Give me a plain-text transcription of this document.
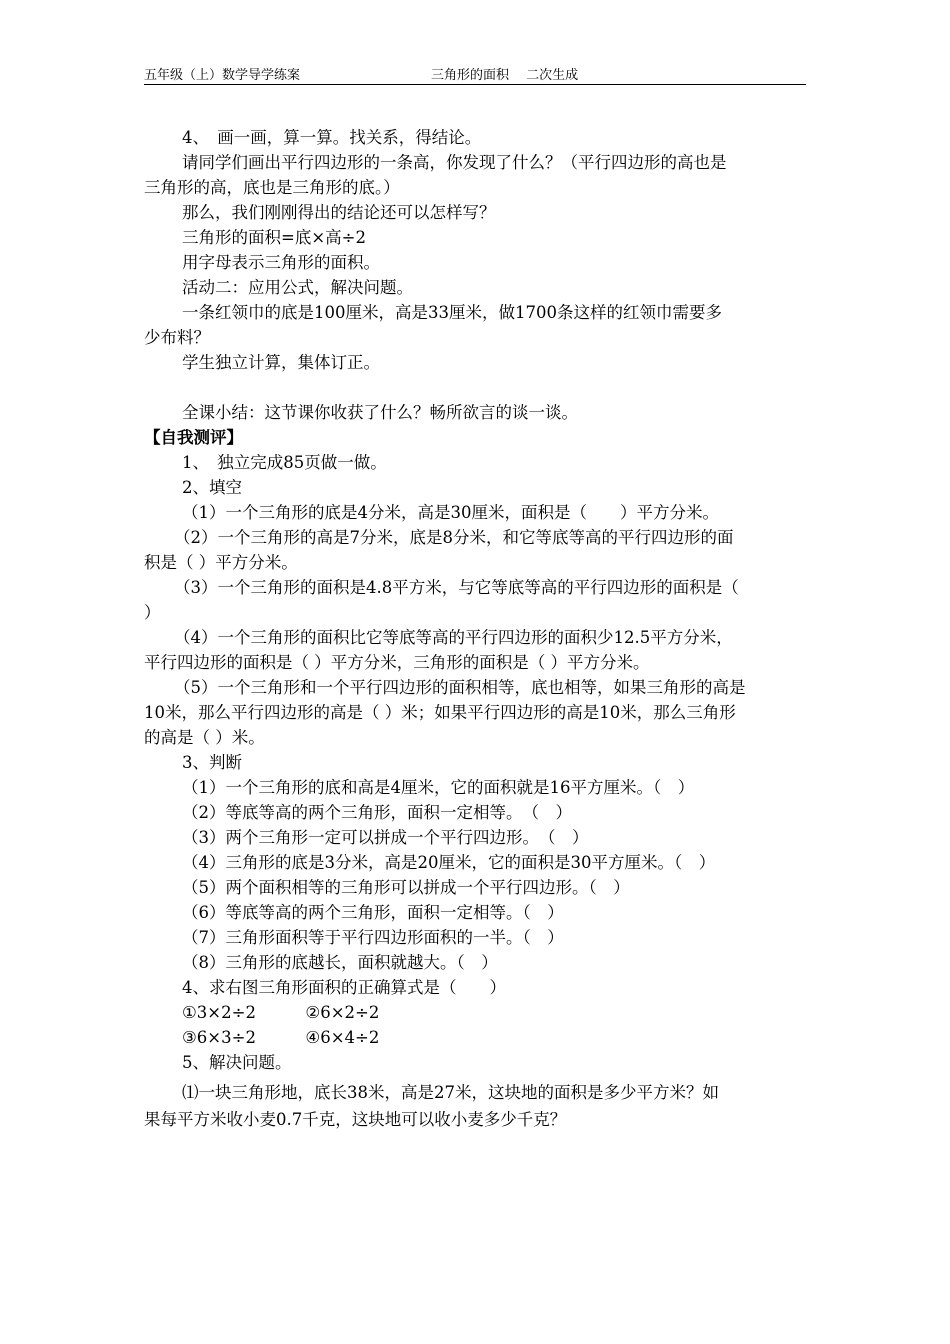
五年级（上）数学导学练案	三角形的面积　 二次生成
4、　画一画，算一算。找关系，得结论。
请同学们画出平行四边形的一条高，你发现了什么？（平行四边形的高也是
三角形的高，底也是三角形的底。）
那么，我们刚刚得出的结论还可以怎样写？
三角形的面积=底×高÷2
用字母表示三角形的面积。
活动二：应用公式，解决问题。
一条红领巾的底是100厘米，高是33厘米，做1700条这样的红领巾需要多
少布料？
学生独立计算，集体订正。
全课小结：这节课你收获了什么？畅所欲言的谈一谈。
【自我测评】
1、　独立完成85页做一做。
2、填空
（1）一个三角形的底是4分米，高是30厘米，面积是（　　）平方分米。
（2）一个三角形的高是7分米，底是8分米，和它等底等高的平行四边形的面
积是（ ）平方分米。
（3）一个三角形的面积是4.8平方米，与它等底等高的平行四边形的面积是（
）
（4）一个三角形的面积比它等底等高的平行四边形的面积少12.5平方分米，
平行四边形的面积是（ ）平方分米，三角形的面积是（ ）平方分米。
（5）一个三角形和一个平行四边形的面积相等，底也相等，如果三角形的高是
10米，那么平行四边形的高是（ ）米；如果平行四边形的高是10米，那么三角形
的高是（ ）米。
3、判断
（1）一个三角形的底和高是4厘米，它的面积就是16平方厘米。（　）
（2）等底等高的两个三角形，面积一定相等。　（　）
（3）两个三角形一定可以拼成一个平行四边形。　（　）
（4）三角形的底是3分米，高是20厘米，它的面积是30平方厘米。（　）
（5）两个面积相等的三角形可以拼成一个平行四边形。（　）
（6）等底等高的两个三角形，面积一定相等。（　）
（7）三角形面积等于平行四边形面积的一半。（　）
（8）三角形的底越长，面积就越大。（　）
4、求右图三角形面积的正确算式是（　　）
①3×2÷2　　　②6×2÷2
③6×3÷2　　　④6×4÷2
5、解决问题。
⑴一块三角形地，底长38米，高是27米，这块地的面积是多少平方米？如
果每平方米收小麦0.7千克，这块地可以收小麦多少千克？
